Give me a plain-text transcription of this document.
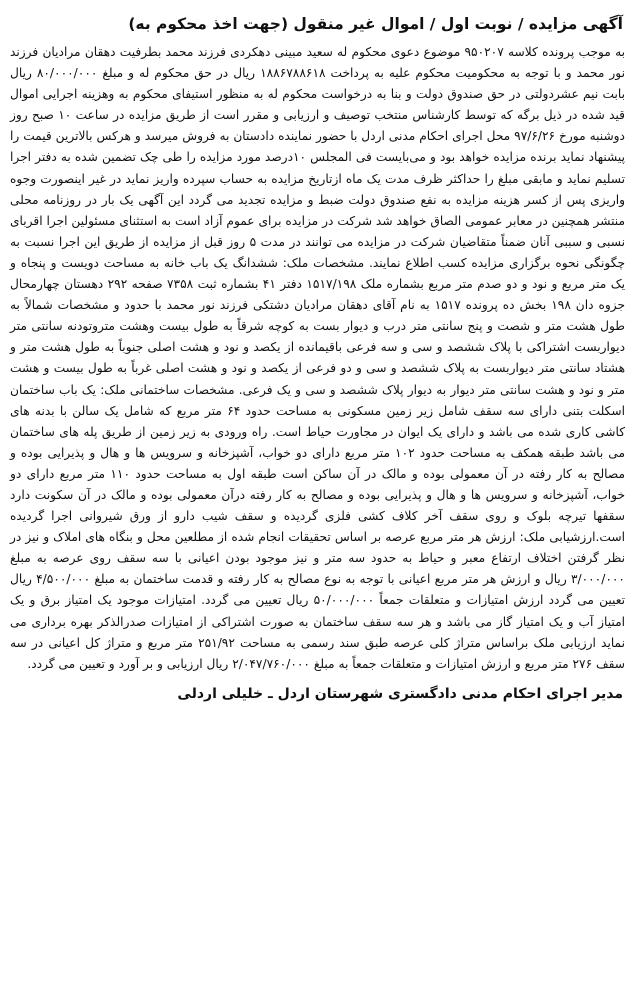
آگهی مزایده / نوبت اول / اموال غیر منقول (جهت اخذ محکوم به)

به موجب پرونده کلاسه ۹۵۰۲۰۷ موضوع دعوی محکوم له سعید مبینی دهکردی فرزند محمد بطرفیت دهقان مرادیان فرزند نور محمد و با توجه به محکومیت محکوم علیه به پرداخت ۱۸۸۶۷۸۸۶۱۸ ریال در حق محکوم له و مبلغ ۸۰/۰۰۰/۰۰۰ ریال بابت نیم عشردولتی در حق صندوق دولت و بنا به درخواست محکوم له به منظور استیفای محکوم به وهزینه اجرایی اموال قید شده در ذیل برگه که توسط کارشناس منتخب توصیف و ارزیابی و مقرر است از طریق مزایده در ساعت ۱۰ صبح روز دوشنبه مورخ ۹۷/۶/۲۶ محل اجرای احکام مدنی اردل با حضور نماینده دادستان به فروش میرسد و هرکس بالاترین قیمت را پیشنهاد نماید برنده مزایده خواهد بود و می‌بایست فی المجلس ۱۰درصد مورد مزایده را طی چک تضمین شده به دفتر اجرا تسلیم نماید و مابقی مبلغ را حداکثر ظرف مدت یک ماه ازتاریخ مزایده به حساب سپرده واریز نماید در غیر اینصورت وجوه واریزی پس از کسر هزینه مزایده به نفع صندوق دولت ضبط و مزایده تجدید می گردد این آگهی یک بار در روزنامه محلی منتشر همچنین در معابر عمومی الصاق خواهد شد شرکت در مزایده برای عموم آزاد است به استثنای مسئولین اجرا اقربای نسبی و سببی آنان ضمناً متقاضیان شرکت در مزایده می توانند در مدت ۵ روز قبل از مزایده از طریق این اجرا نسبت به چگونگی نحوه برگزاری مزایده کسب اطلاع نمایند. مشخصات ملک: ششدانگ یک باب خانه به مساحت دویست و پنجاه و یک متر مربع و نود و دو صدم متر مربع بشماره ملک ۱۵۱۷/۱۹۸ دفتر ۴۱ بشماره ثبت ۷۳۵۸ صفحه ۲۹۲ دهستان چهارمحال جزوه دان ۱۹۸ بخش ده پرونده ۱۵۱۷ به نام آقای دهقان مرادیان دشتکی فرزند نور محمد با حدود و مشخصات شمالاً به طول هشت متر و شصت و پنج سانتی متر درب و دیوار بست به کوچه شرقاً به طول بیست وهشت متروتودنه سانتی متر دیواربست اشتراکی با پلاک ششصد و سی و سه فرعی باقیمانده از یکصد و نود و هشت اصلی جنوباً به طول هشت متر و هشتاد سانتی متر دیواربست به پلاک ششصد و سی و دو فرعی از یکصد و نود و هشت اصلی غرباً به طول بیست و هشت متر و نود و هشت سانتی متر دیوار به دیوار پلاک ششصد و سی و یک فرعی. مشخصات ساختمانی ملک: یک باب ساختمان اسکلت بتنی دارای سه سقف شامل زیر زمین مسکونی به مساحت حدود ۶۴ متر مربع که شامل یک سالن با بدنه های کاشی کاری شده می باشد و دارای یک ایوان در مجاورت حیاط است. راه ورودی به زیر زمین از طریق پله های ساختمان می باشد طبقه همکف به مساحت حدود ۱۰۲ متر مربع دارای دو خواب، آشپزخانه و سرویس ها و هال و پذیرایی بوده و مصالح به کار رفته در آن معمولی بوده و مالک در آن ساکن است طبقه اول به مساحت حدود ۱۱۰ متر مربع دارای دو خواب، آشپزخانه و سرویس ها و هال و پذیرایی بوده و مصالح به کار رفته درآن معمولی بوده و مالک در آن سکونت دارد سقفها تیرچه بلوک و روی سقف آخر کلاف کشی فلزی گردیده و سقف شیب دارو از ورق شیروانی اجرا گردیده است.ارزشیابی ملک: ارزش هر متر مربع عرصه بر اساس تحقیقات انجام شده از مطلعین محل و بنگاه های املاک و نیز در نظر گرفتن اختلاف ارتفاع معبر و حیاط به حدود سه متر و نیز موجود بودن اعیانی با سه سقف روی عرصه به مبلغ ۳/۰۰۰/۰۰۰ ریال و ارزش هر متر مربع اعیانی با توجه به نوع مصالح به کار رفته و قدمت ساختمان به مبلغ ۴/۵۰۰/۰۰۰ ریال تعیین می گردد ارزش امتیازات و متعلقات جمعاً ۵۰/۰۰۰/۰۰۰ ریال تعیین می گردد. امتیازات موجود یک امتیاز برق و یک امتیاز آب و یک امتیاز گاز می باشد و هر سه سقف ساختمان به صورت اشتراکی از امتیازات صدرالذکر بهره برداری می نماید ارزیابی ملک براساس متراژ کلی عرصه طبق سند رسمی به مساحت ۲۵۱/۹۲ متر مربع و متراژ کل اعیانی در سه سقف ۲۷۶ متر مربع و ارزش امتیازات و متعلقات جمعاً به مبلغ ۲/۰۴۷/۷۶۰/۰۰۰ ریال ارزیابی و بر آورد و تعیین می گردد.

مدیر اجرای احکام مدنی دادگستری شهرستان اردل ـ خلیلی اردلی
